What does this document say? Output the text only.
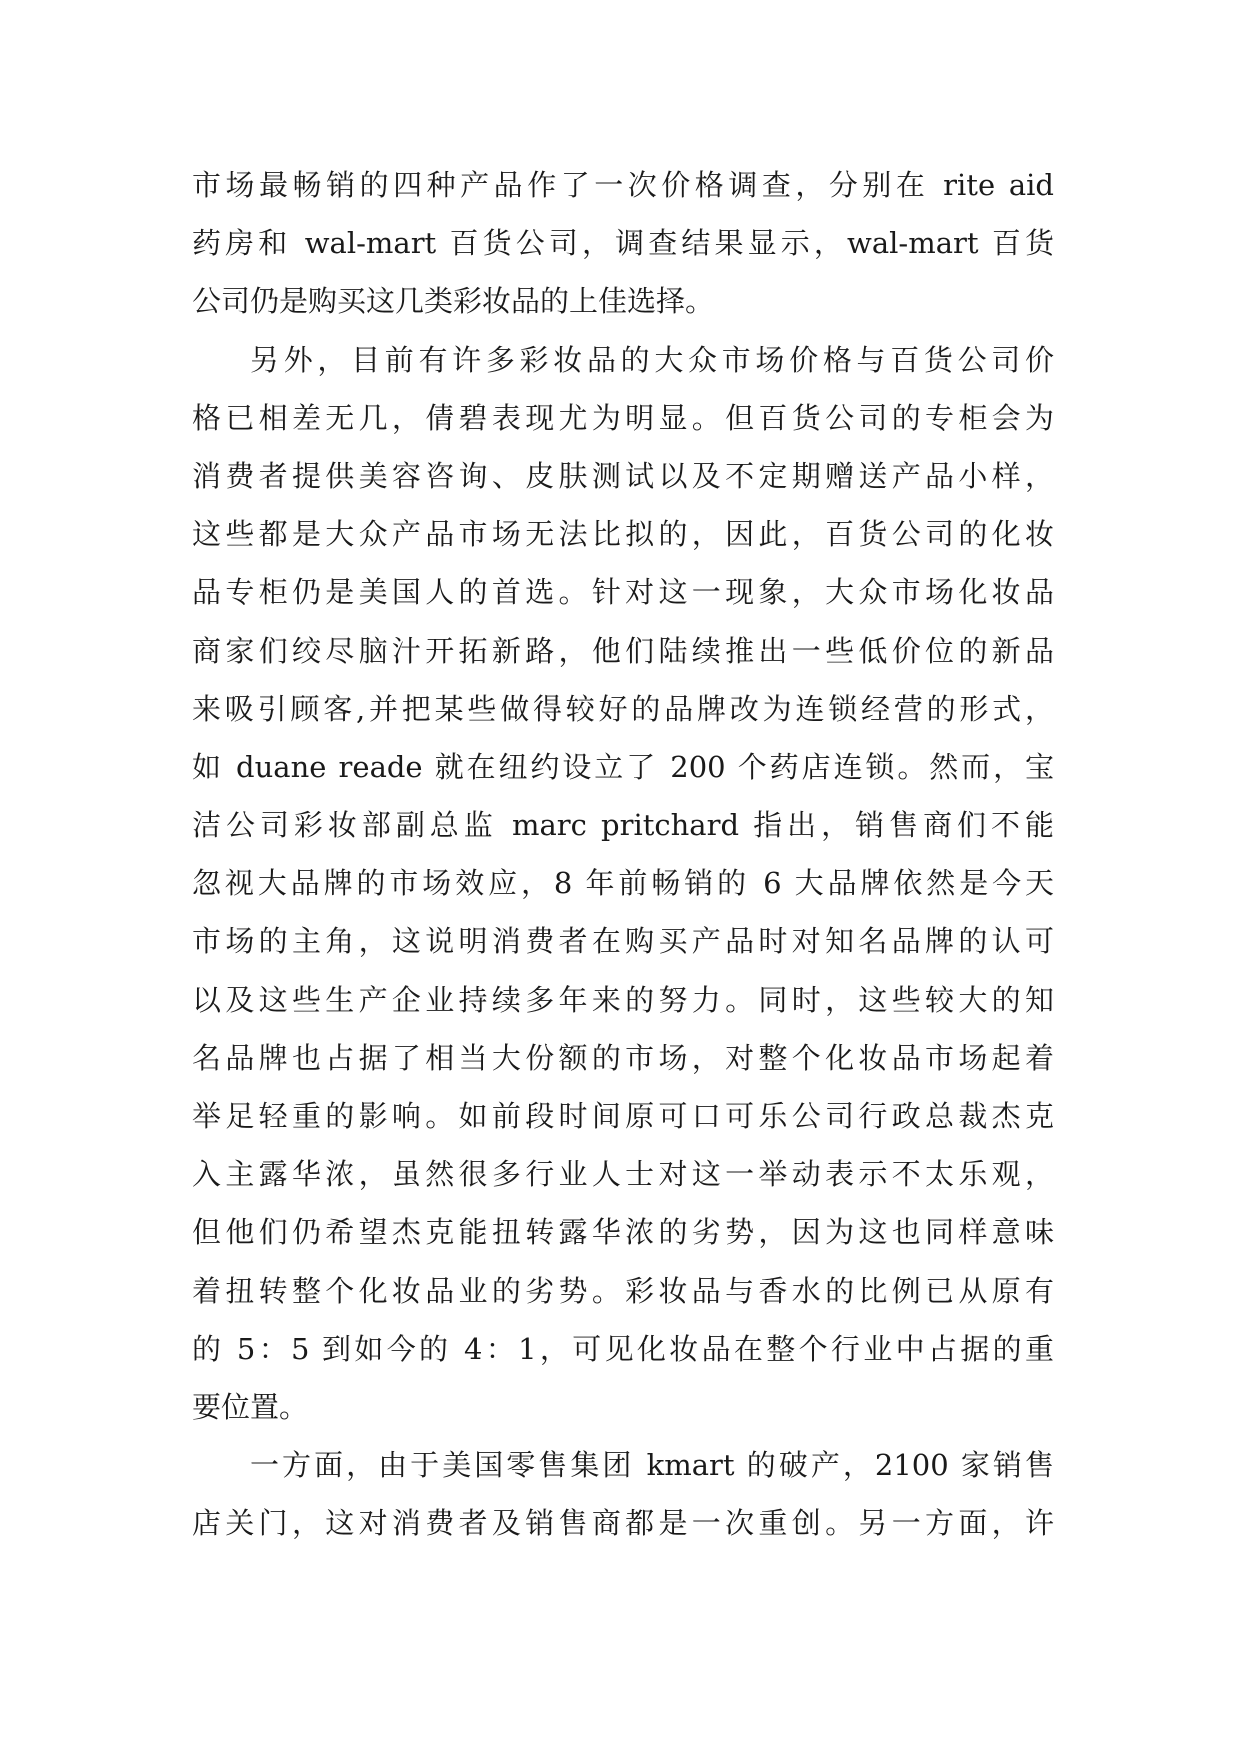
市场最畅销的四种产品作了一次价格调查，分别在 rite aid
药房和 wal-mart 百货公司，调查结果显示，wal-mart 百货
公司仍是购买这几类彩妆品的上佳选择。
另外，目前有许多彩妆品的大众市场价格与百货公司价
格已相差无几，倩碧表现尤为明显。但百货公司的专柜会为
消费者提供美容咨询、皮肤测试以及不定期赠送产品小样，
这些都是大众产品市场无法比拟的，因此，百货公司的化妆
品专柜仍是美国人的首选。针对这一现象，大众市场化妆品
商家们绞尽脑汁开拓新路，他们陆续推出一些低价位的新品
来吸引顾客,并把某些做得较好的品牌改为连锁经营的形式，
如 duane reade 就在纽约设立了 200 个药店连锁。然而，宝
洁公司彩妆部副总监 marc pritchard 指出，销售商们不能
忽视大品牌的市场效应，8 年前畅销的 6 大品牌依然是今天
市场的主角，这说明消费者在购买产品时对知名品牌的认可
以及这些生产企业持续多年来的努力。同时，这些较大的知
名品牌也占据了相当大份额的市场，对整个化妆品市场起着
举足轻重的影响。如前段时间原可口可乐公司行政总裁杰克
入主露华浓，虽然很多行业人士对这一举动表示不太乐观，
但他们仍希望杰克能扭转露华浓的劣势，因为这也同样意味
着扭转整个化妆品业的劣势。彩妆品与香水的比例已从原有
的 5：5 到如今的 4：1，可见化妆品在整个行业中占据的重
要位置。
一方面，由于美国零售集团 kmart 的破产，2100 家销售
店关门，这对消费者及销售商都是一次重创。另一方面，许
